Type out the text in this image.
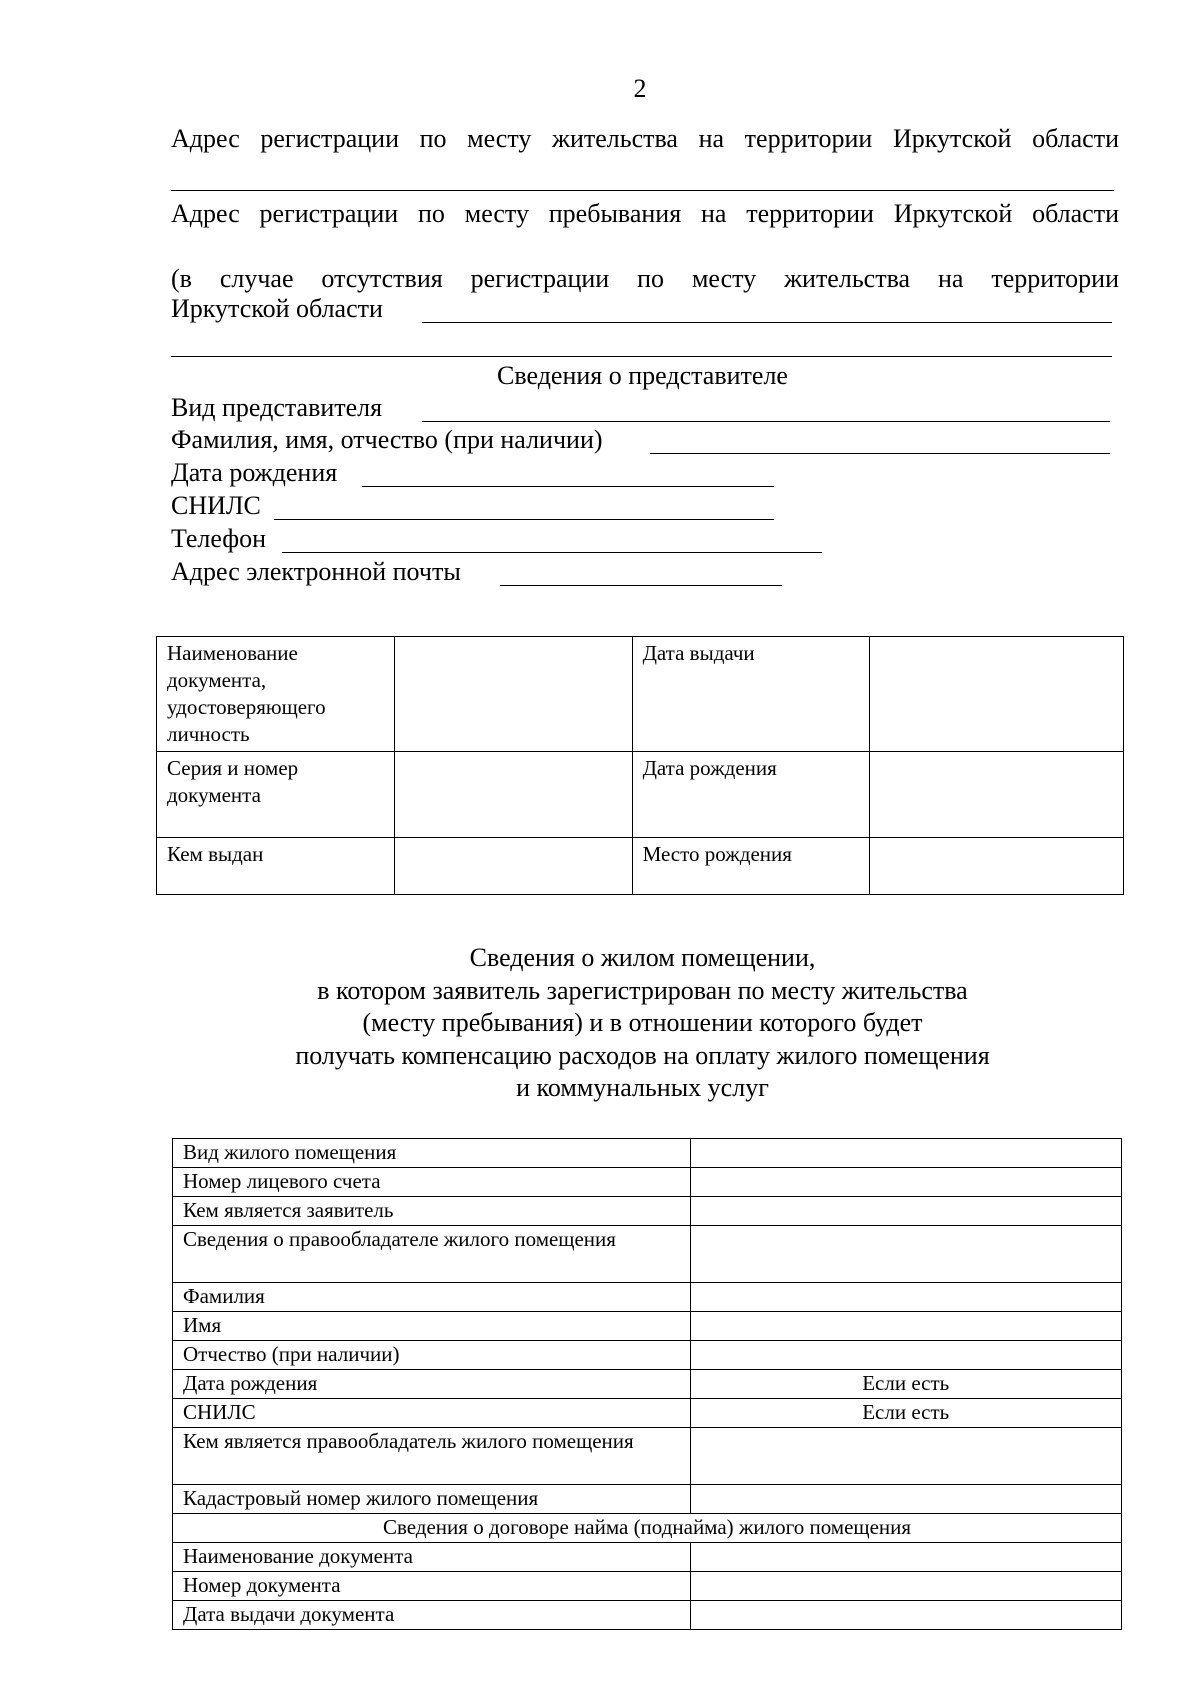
2
Адрес регистрации по месту жительства на территории Иркутской области
Адрес регистрации по месту пребывания на территории Иркутской области
(в случае отсутствия регистрации по месту жительства на территории
Иркутской области
Сведения о представителе
Вид представителя
Фамилия, имя, отчество (при наличии)
Дата рождения
СНИЛС
Телефон
Адрес электронной почты
Наименование документа, удостоверяющего личность		Дата выдачи	
Серия и номер документа		Дата рождения	
Кем выдан		Место рождения	
Сведения о жилом помещении,
в котором заявитель зарегистрирован по месту жительства
(месту пребывания) и в отношении которого будет
получать компенсацию расходов на оплату жилого помещения
и коммунальных услуг
Вид жилого помещения	
Номер лицевого счета	
Кем является заявитель	
Сведения о правообладателе жилого помещения	
Фамилия	
Имя	
Отчество (при наличии)	
Дата рождения	Если есть
СНИЛС	Если есть
Кем является правообладатель жилого помещения	
Кадастровый номер жилого помещения	
Сведения о договоре найма (поднайма) жилого помещения	
Наименование документа	
Номер документа	
Дата выдачи документа	
